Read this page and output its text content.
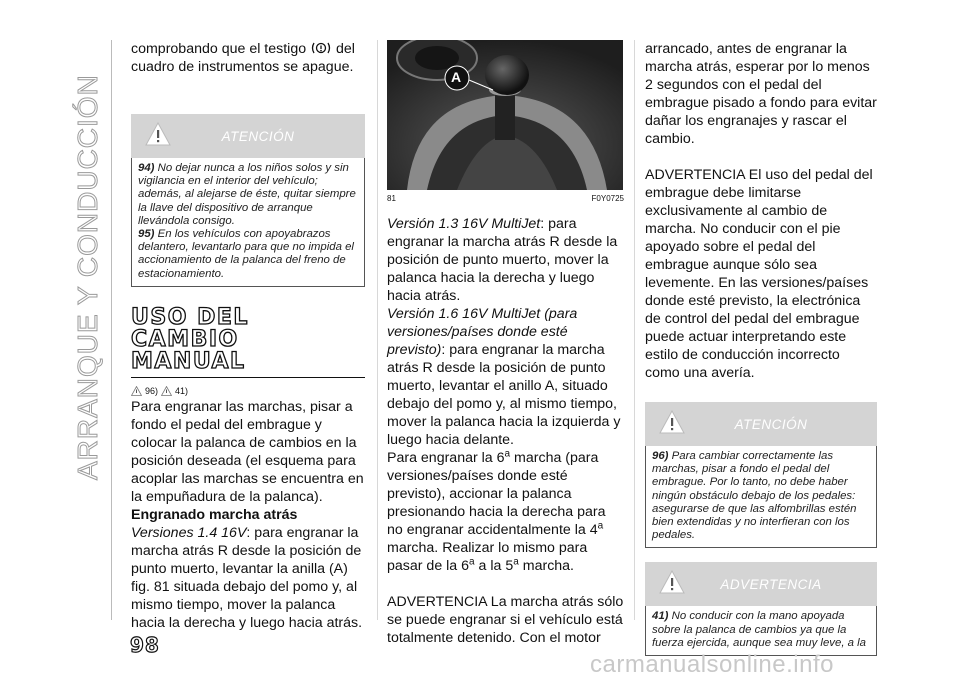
ARRANQUE Y CONDUCCIÓN

comprobando que el testigo del cuadro de instrumentos se apague.

ATENCIÓN
94) No dejar nunca a los niños solos y sin vigilancia en el interior del vehículo; además, al alejarse de éste, quitar siempre la llave del dispositivo de arranque llevándola consigo.
95) En los vehículos con apoyabrazos delantero, levantarlo para que no impida el accionamiento de la palanca del freno de estacionamiento.
USO DEL CAMBIO
MANUAL
96) 41)

Para engranar las marchas, pisar a fondo el pedal del embrague y colocar la palanca de cambios en la posición deseada (el esquema para acoplar las marchas se encuentra en la empuñadura de la palanca).

Engranado marcha atrás

Versiones 1.4 16V: para engranar la marcha atrás R desde la posición de punto muerto, levantar la anilla (A) fig. 81 situada debajo del pomo y, al mismo tiempo, mover la palanca hacia la derecha y luego hacia atrás.

A
81	F0Y0725

Versión 1.3 16V MultiJet: para engranar la marcha atrás R desde la posición de punto muerto, mover la palanca hacia la derecha y luego hacia atrás.

Versión 1.6 16V MultiJet (para versiones/países donde esté previsto): para engranar la marcha atrás R desde la posición de punto muerto, levantar el anillo A, situado debajo del pomo y, al mismo tiempo, mover la palanca hacia la izquierda y luego hacia delante.

Para engranar la 6$^a$ marcha (para versiones/países donde esté previsto), accionar la palanca presionando hacia la derecha para no engranar accidentalmente la 4$^a$ marcha. Realizar lo mismo para pasar de la 6$^a$ a la 5$^a$ marcha.

ADVERTENCIA La marcha atrás sólo se puede engranar si el vehículo está totalmente detenido. Con el motor

arrancado, antes de engranar la marcha atrás, esperar por lo menos 2 segundos con el pedal del embrague pisado a fondo para evitar dañar los engranajes y rascar el cambio.

ADVERTENCIA El uso del pedal del embrague debe limitarse exclusivamente al cambio de marcha. No conducir con el pie apoyado sobre el pedal del embrague aunque sólo sea levemente. En las versiones/países donde esté previsto, la electrónica de control del pedal del embrague puede actuar interpretando este estilo de conducción incorrecto como una avería.

ATENCIÓN
96) Para cambiar correctamente las marchas, pisar a fondo el pedal del embrague. Por lo tanto, no debe haber ningún obstáculo debajo de los pedales: asegurarse de que las alfombrillas estén bien extendidas y no interfieran con los pedales.
ADVERTENCIA
41) No conducir con la mano apoyada sobre la palanca de cambios ya que la fuerza ejercida, aunque sea muy leve, a la
98
carmanualsonline.info
